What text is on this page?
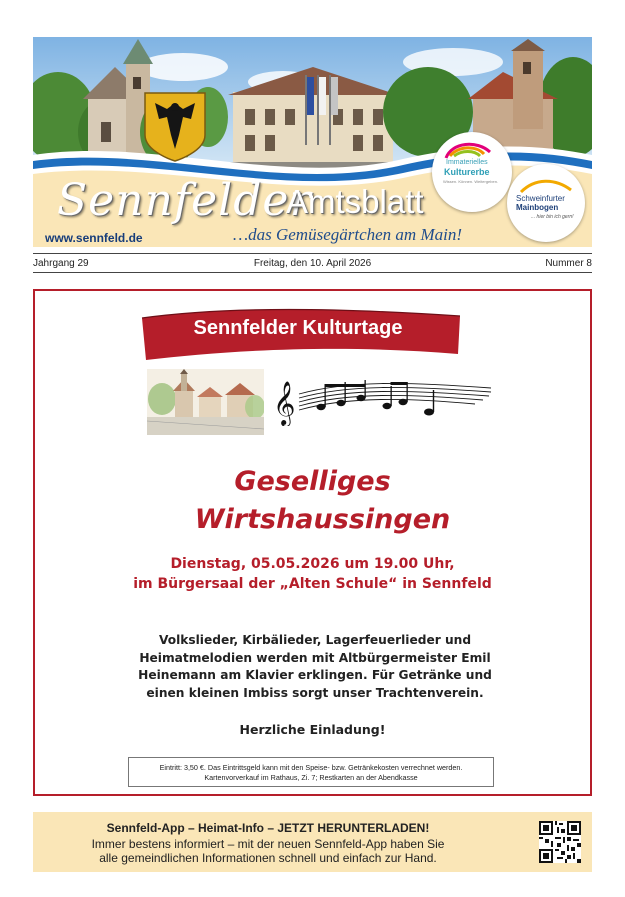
Sennfelder
Amtsblatt
www.sennfeld.de	…das Gemüsegärtchen am Main!
Immaterielles
Kulturerbe
Wissen. Können. Weitergeben.
Schweinfurter
Mainbogen
... hier bin ich gern!
Jahrgang 29	Freitag, den 10. April 2026	Nummer 8
Sennfelder Kulturtage
𝄞
Geselliges
Wirtshaussingen
Dienstag, 05.05.2026 um 19.00 Uhr,
im Bürgersaal der „Alten Schule“ in Sennfeld
Volkslieder, Kirbälieder, Lagerfeuerlieder und
Heimatmelodien werden mit Altbürgermeister Emil
Heinemann am Klavier erklingen. Für Getränke und
einen kleinen Imbiss sorgt unser Trachtenverein.
Herzliche Einladung!
Eintritt: 3,50 €. Das Eintrittsgeld kann mit den Speise- bzw. Getränkekosten verrechnet werden.
Kartenvorverkauf im Rathaus, Zi. 7; Restkarten an der Abendkasse
Sennfeld-App – Heimat-Info – JETZT HERUNTERLADEN!
Immer bestens informiert – mit der neuen Sennfeld-App haben Sie
alle gemeindlichen Informationen schnell und einfach zur Hand.
